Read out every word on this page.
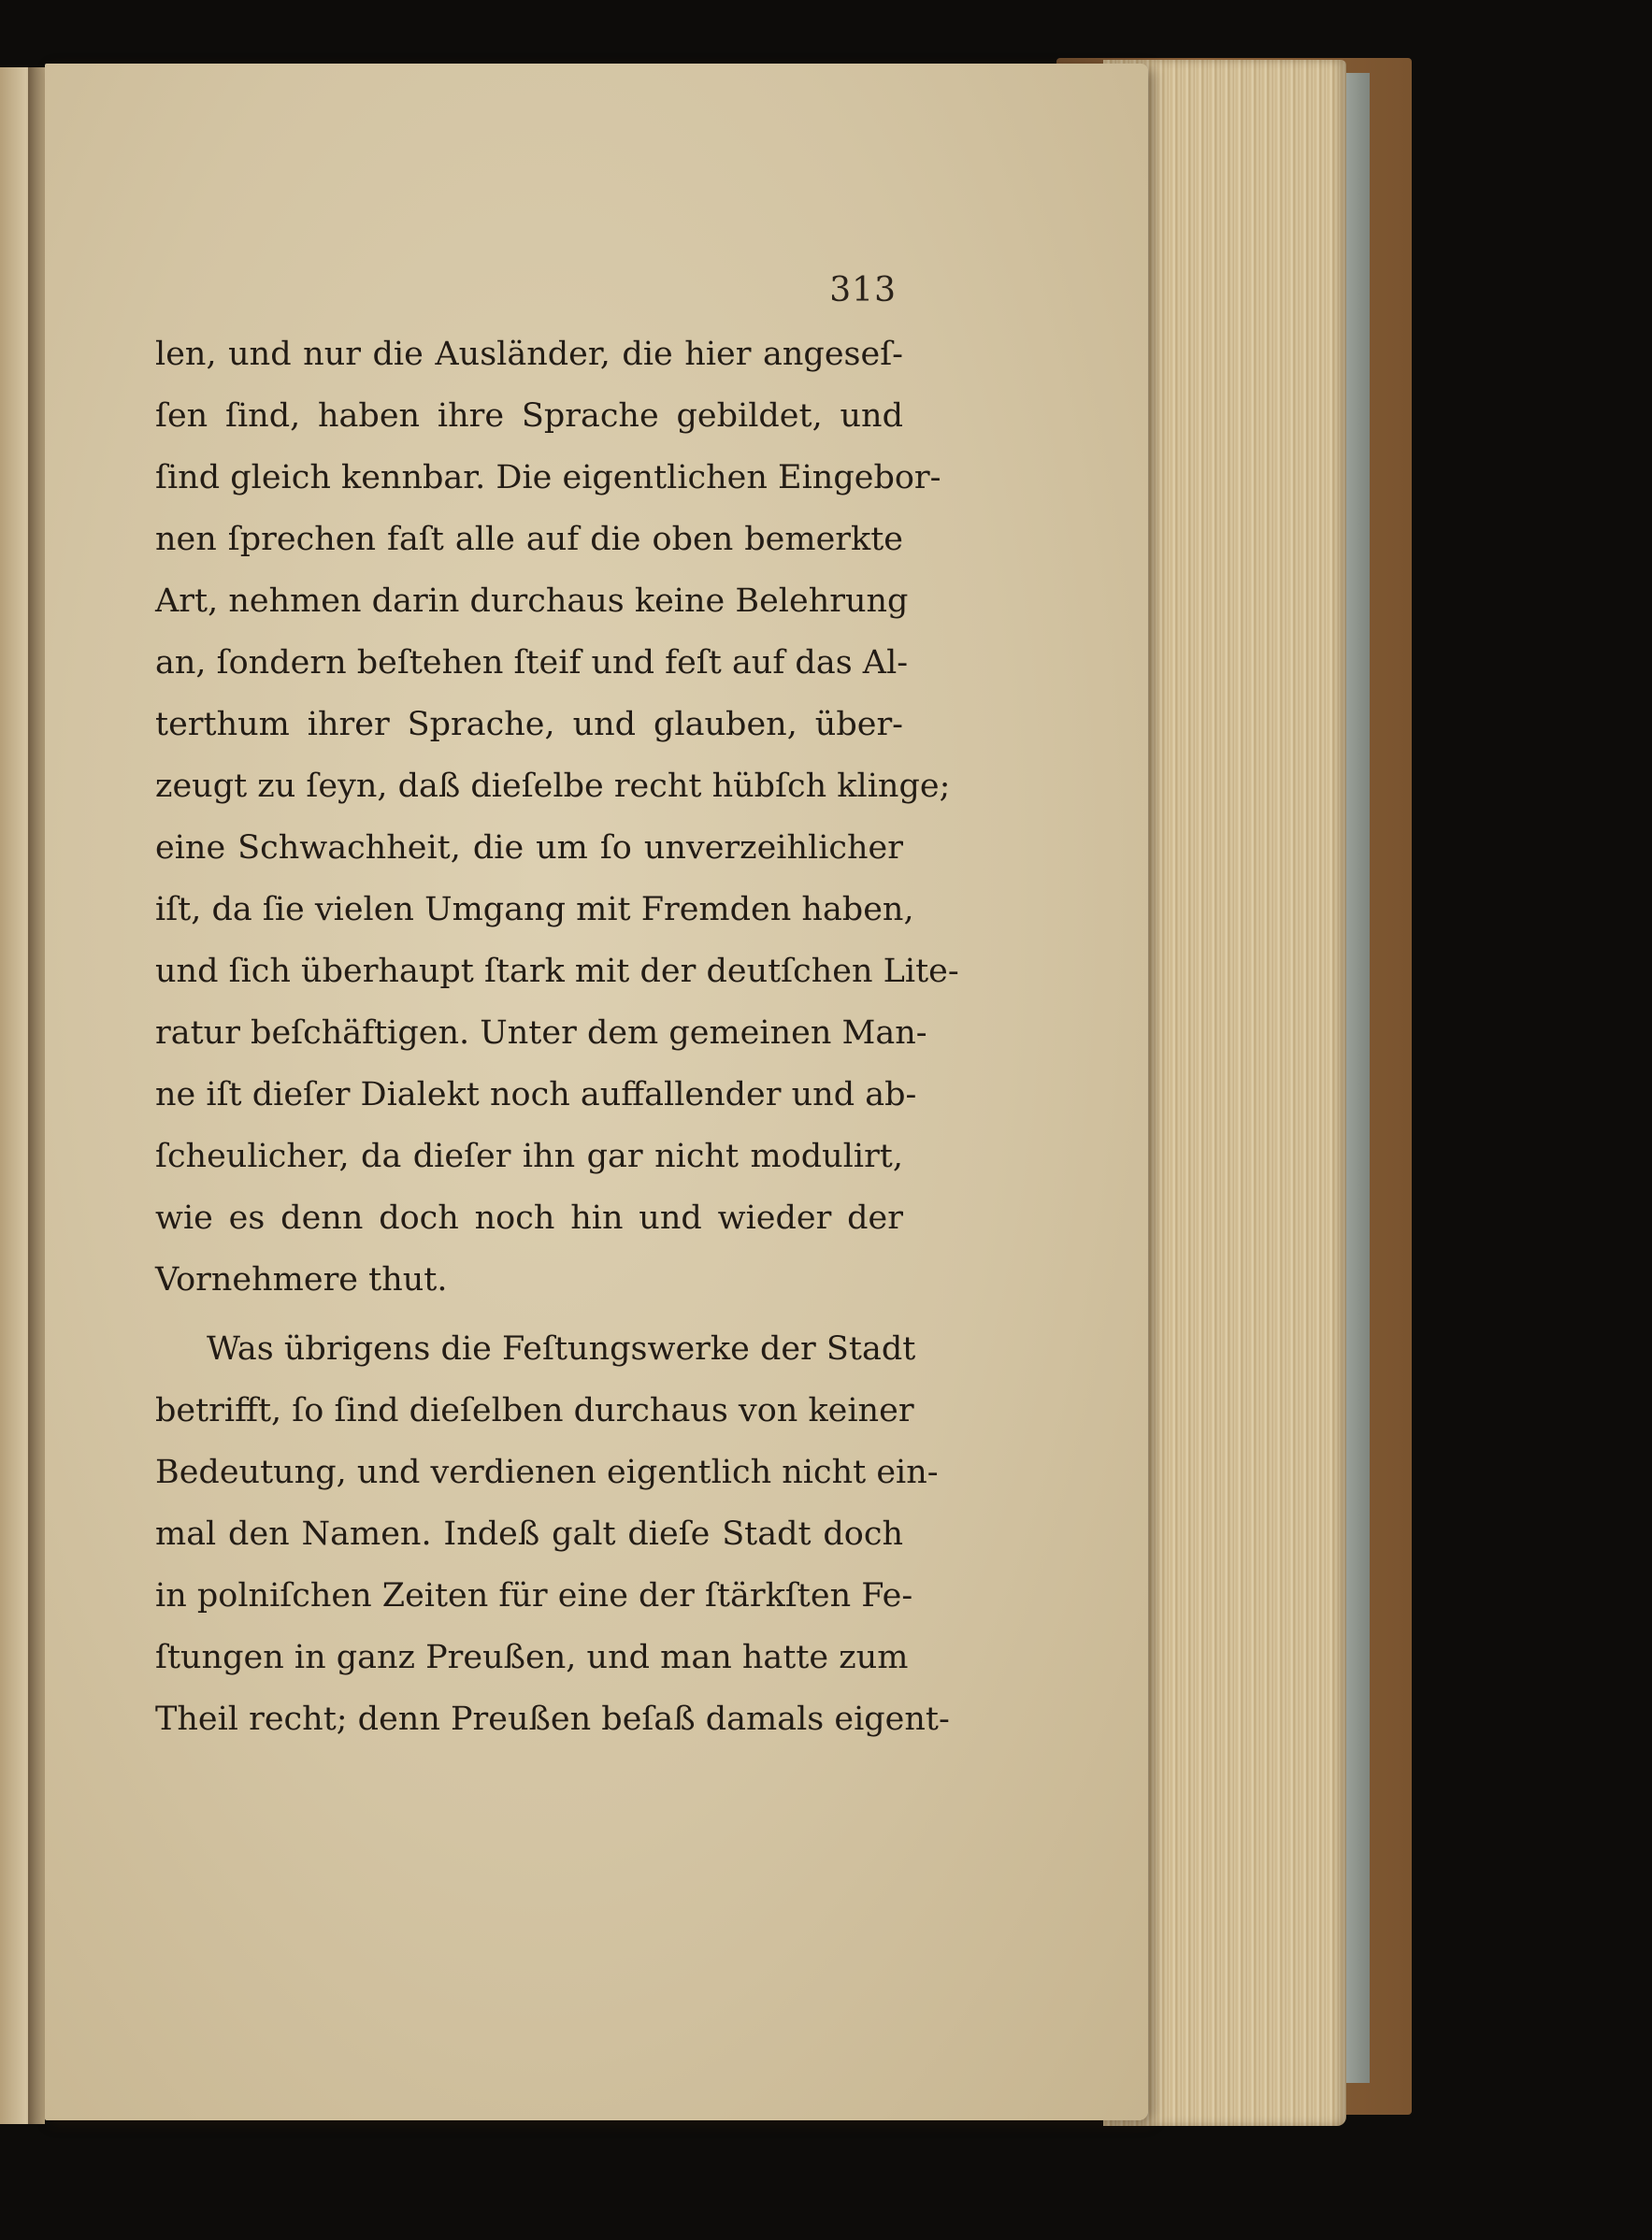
313
len, und nur die Ausländer, die hier angeseſ-
ſen ſind, haben ihre Sprache gebildet, und
ſind gleich kennbar. Die eigentlichen Eingebor-
nen ſprechen faſt alle auf die oben bemerkte
Art, nehmen darin durchaus keine Belehrung
an, ſondern beſtehen ſteif und feſt auf das Al-
terthum ihrer Sprache, und glauben, über-
zeugt zu ſeyn, daß dieſelbe recht hübſch klinge;
eine Schwachheit, die um ſo unverzeihlicher
iſt, da ſie vielen Umgang mit Fremden haben,
und ſich überhaupt ſtark mit der deutſchen Lite-
ratur beſchäftigen. Unter dem gemeinen Man-
ne iſt dieſer Dialekt noch auffallender und ab-
ſcheulicher, da dieſer ihn gar nicht modulirt,
wie es denn doch noch hin und wieder der
Vornehmere thut.
Was übrigens die Feſtungswerke der Stadt
betrifft, ſo ſind dieſelben durchaus von keiner
Bedeutung, und verdienen eigentlich nicht ein-
mal den Namen. Indeß galt dieſe Stadt doch
in polniſchen Zeiten für eine der ſtärkſten Fe-
ſtungen in ganz Preußen, und man hatte zum
Theil recht; denn Preußen beſaß damals eigent-
